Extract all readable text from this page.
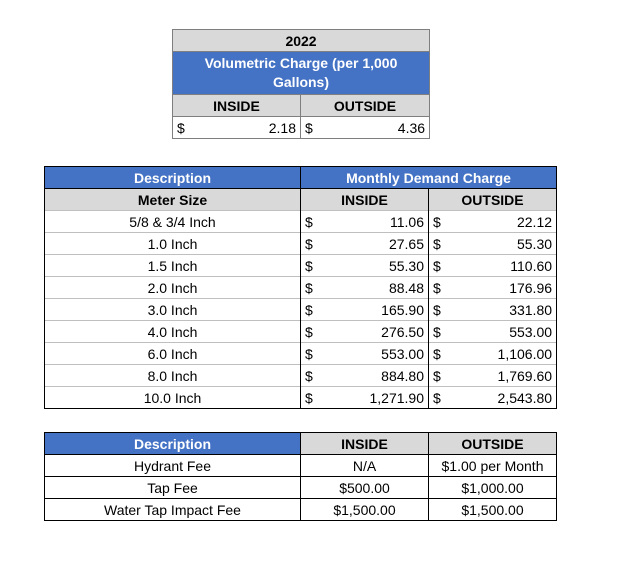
2022			
Volumetric Charge (per 1,000 Gallons)			
INSIDE		OUTSIDE	
$	2.18	$	4.36
Description	Monthly Demand Charge			
Meter Size	INSIDE		OUTSIDE	
5/8 & 3/4 Inch	$	11.06	$	22.12
1.0 Inch	$	27.65	$	55.30
1.5 Inch	$	55.30	$	110.60
2.0 Inch	$	88.48	$	176.96
3.0 Inch	$	165.90	$	331.80
4.0 Inch	$	276.50	$	553.00
6.0 Inch	$	553.00	$	1,106.00
8.0 Inch	$	884.80	$	1,769.60
10.0 Inch	$	1,271.90	$	2,543.80
Description	INSIDE	OUTSIDE
Hydrant Fee	N/A	$1.00 per Month
Tap Fee	$500.00	$1,000.00
Water Tap Impact Fee	$1,500.00	$1,500.00
